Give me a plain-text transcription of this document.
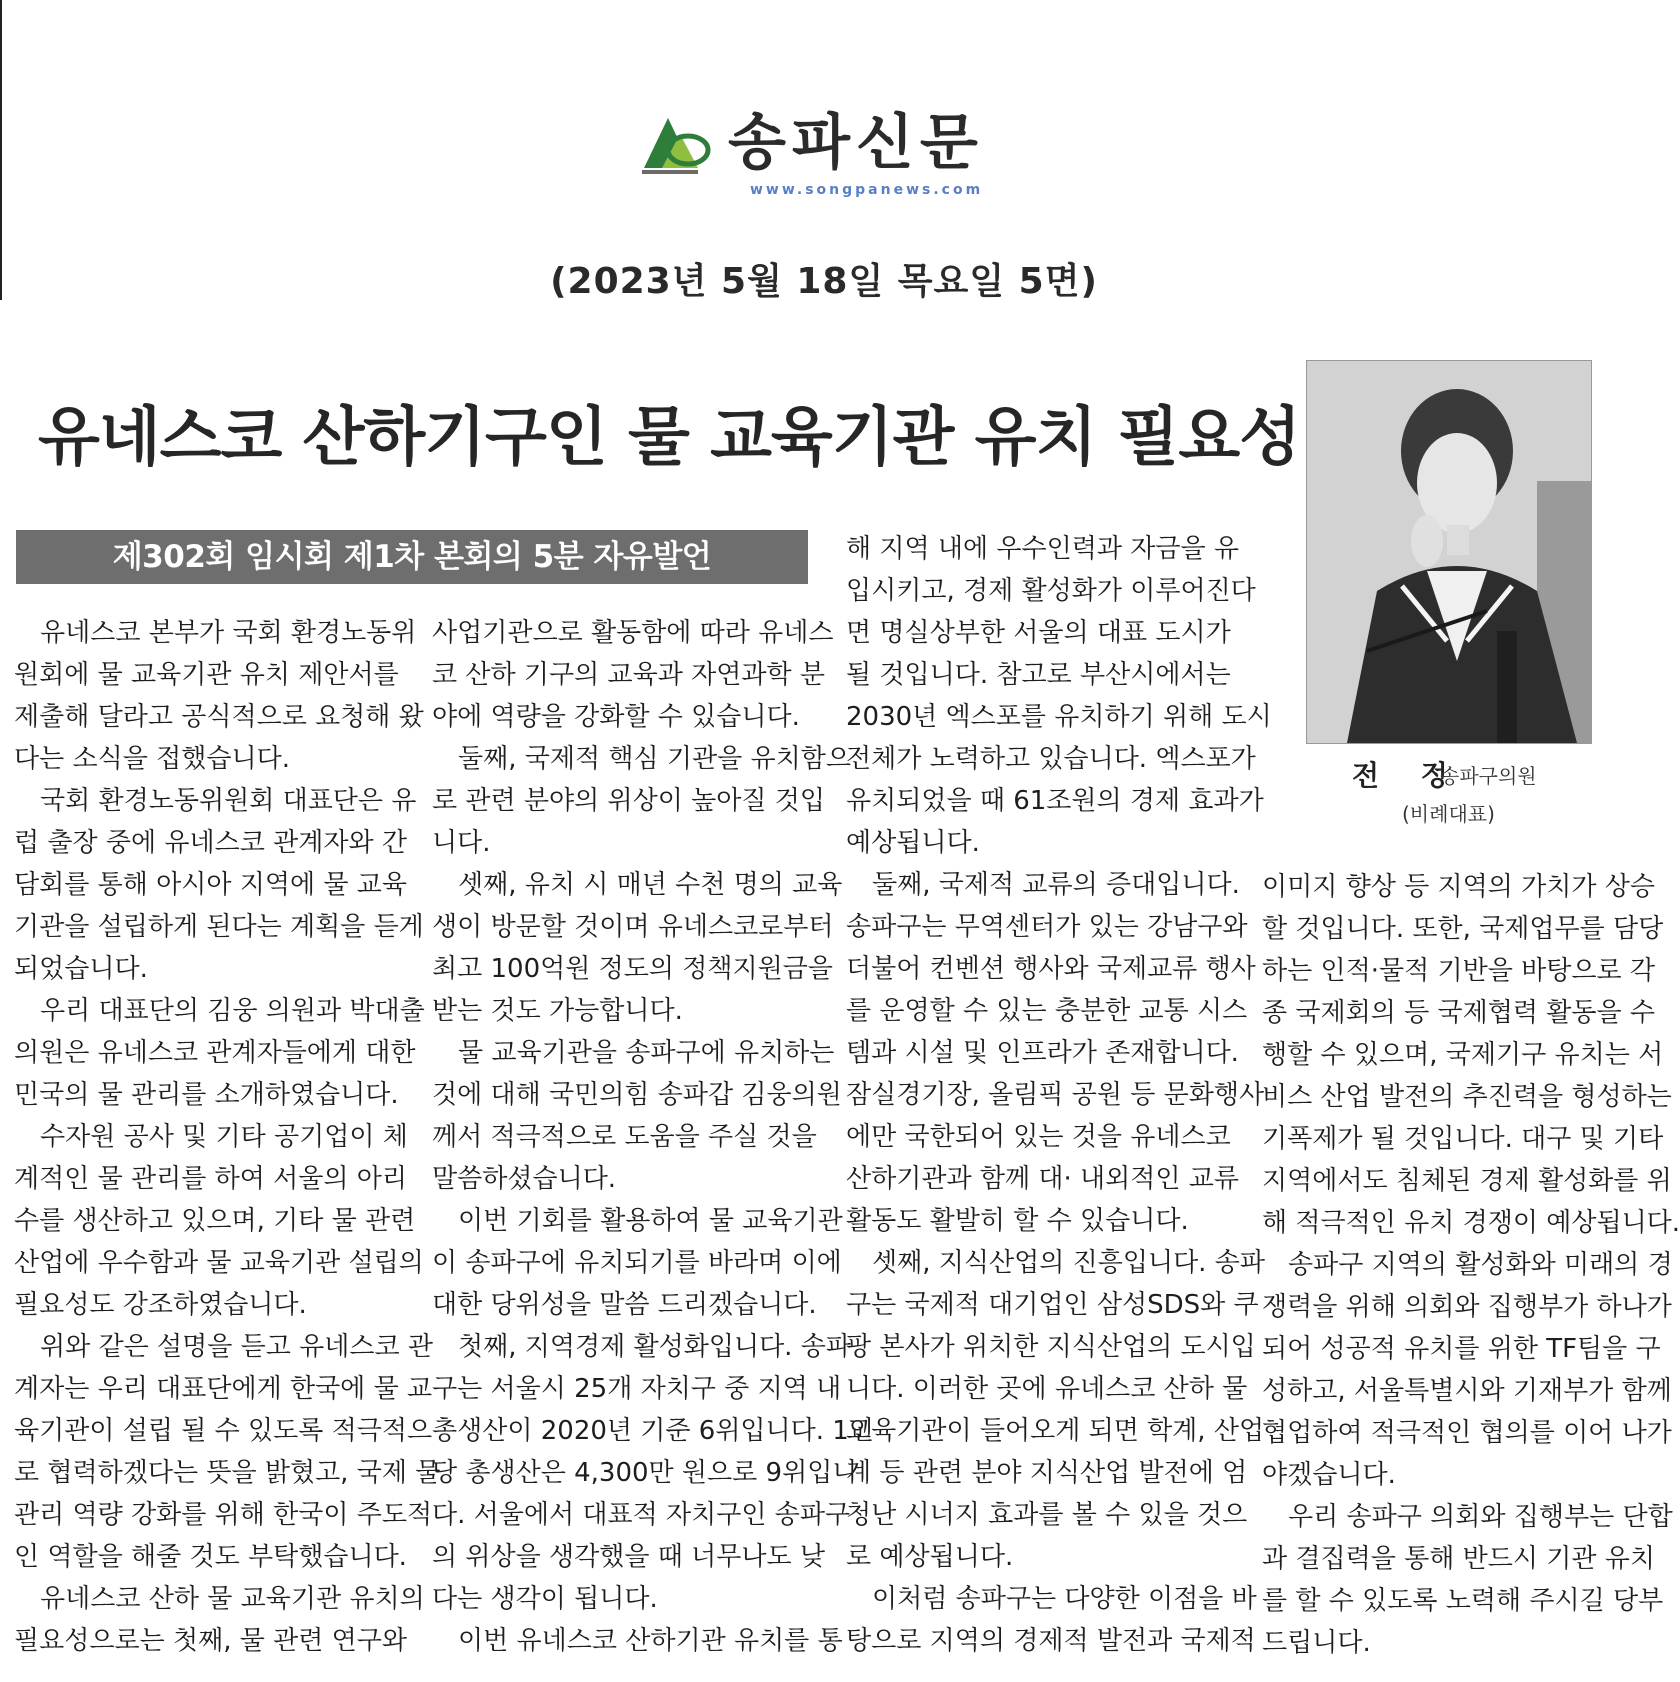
송파신문
www.songpanews.com
(2023년 5월 18일 목요일 5면)
전 정
송파구의원
(비례대표)
유네스코 산하기구인 물 교육기관 유치 필요성
제302회 임시회 제1차 본회의 5분 자유발언
유네스코 본부가 국회 환경노동위
원회에 물 교육기관 유치 제안서를
제출해 달라고 공식적으로 요청해 왔
다는 소식을 접했습니다.
국회 환경노동위원회 대표단은 유
럽 출장 중에 유네스코 관계자와 간
담회를 통해 아시아 지역에 물 교육
기관을 설립하게 된다는 계획을 듣게
되었습니다.
우리 대표단의 김웅 의원과 박대출
의원은 유네스코 관계자들에게 대한
민국의 물 관리를 소개하였습니다.
수자원 공사 및 기타 공기업이 체
계적인 물 관리를 하여 서울의 아리
수를 생산하고 있으며, 기타 물 관련
산업에 우수함과 물 교육기관 설립의
필요성도 강조하였습니다.
위와 같은 설명을 듣고 유네스코 관
계자는 우리 대표단에게 한국에 물 교
육기관이 설립 될 수 있도록 적극적으
로 협력하겠다는 뜻을 밝혔고, 국제 물
관리 역량 강화를 위해 한국이 주도적
인 역할을 해줄 것도 부탁했습니다.
유네스코 산하 물 교육기관 유치의
필요성으로는 첫째, 물 관련 연구와
사업기관으로 활동함에 따라 유네스
코 산하 기구의 교육과 자연과학 분
야에 역량을 강화할 수 있습니다.
둘째, 국제적 핵심 기관을 유치함으
로 관련 분야의 위상이 높아질 것입
니다.
셋째, 유치 시 매년 수천 명의 교육
생이 방문할 것이며 유네스코로부터
최고 100억원 정도의 정책지원금을
받는 것도 가능합니다.
물 교육기관을 송파구에 유치하는
것에 대해 국민의힘 송파갑 김웅의원
께서 적극적으로 도움을 주실 것을
말씀하셨습니다.
이번 기회를 활용하여 물 교육기관
이 송파구에 유치되기를 바라며 이에
대한 당위성을 말씀 드리겠습니다.
첫째, 지역경제 활성화입니다. 송파
구는 서울시 25개 자치구 중 지역 내
총생산이 2020년 기준 6위입니다. 1인
당 총생산은 4,300만 원으로 9위입니
다. 서울에서 대표적 자치구인 송파구
의 위상을 생각했을 때 너무나도 낮
다는 생각이 됩니다.
이번 유네스코 산하기관 유치를 통
해 지역 내에 우수인력과 자금을 유
입시키고, 경제 활성화가 이루어진다
면 명실상부한 서울의 대표 도시가
될 것입니다. 참고로 부산시에서는
2030년 엑스포를 유치하기 위해 도시
전체가 노력하고 있습니다. 엑스포가
유치되었을 때 61조원의 경제 효과가
예상됩니다.
둘째, 국제적 교류의 증대입니다.
송파구는 무역센터가 있는 강남구와
더불어 컨벤션 행사와 국제교류 행사
를 운영할 수 있는 충분한 교통 시스
템과 시설 및 인프라가 존재합니다.
잠실경기장, 올림픽 공원 등 문화행사
에만 국한되어 있는 것을 유네스코
산하기관과 함께 대· 내외적인 교류
활동도 활발히 할 수 있습니다.
셋째, 지식산업의 진흥입니다. 송파
구는 국제적 대기업인 삼성SDS와 쿠
팡 본사가 위치한 지식산업의 도시입
니다. 이러한 곳에 유네스코 산하 물
교육기관이 들어오게 되면 학계, 산업
계 등 관련 분야 지식산업 발전에 엄
청난 시너지 효과를 볼 수 있을 것으
로 예상됩니다.
이처럼 송파구는 다양한 이점을 바
탕으로 지역의 경제적 발전과 국제적
이미지 향상 등 지역의 가치가 상승
할 것입니다. 또한, 국제업무를 담당
하는 인적·물적 기반을 바탕으로 각
종 국제회의 등 국제협력 활동을 수
행할 수 있으며, 국제기구 유치는 서
비스 산업 발전의 추진력을 형성하는
기폭제가 될 것입니다. 대구 및 기타
지역에서도 침체된 경제 활성화를 위
해 적극적인 유치 경쟁이 예상됩니다.
송파구 지역의 활성화와 미래의 경
쟁력을 위해 의회와 집행부가 하나가
되어 성공적 유치를 위한 TF팀을 구
성하고, 서울특별시와 기재부가 함께
협업하여 적극적인 협의를 이어 나가
야겠습니다.
우리 송파구 의회와 집행부는 단합
과 결집력을 통해 반드시 기관 유치
를 할 수 있도록 노력해 주시길 당부
드립니다.
